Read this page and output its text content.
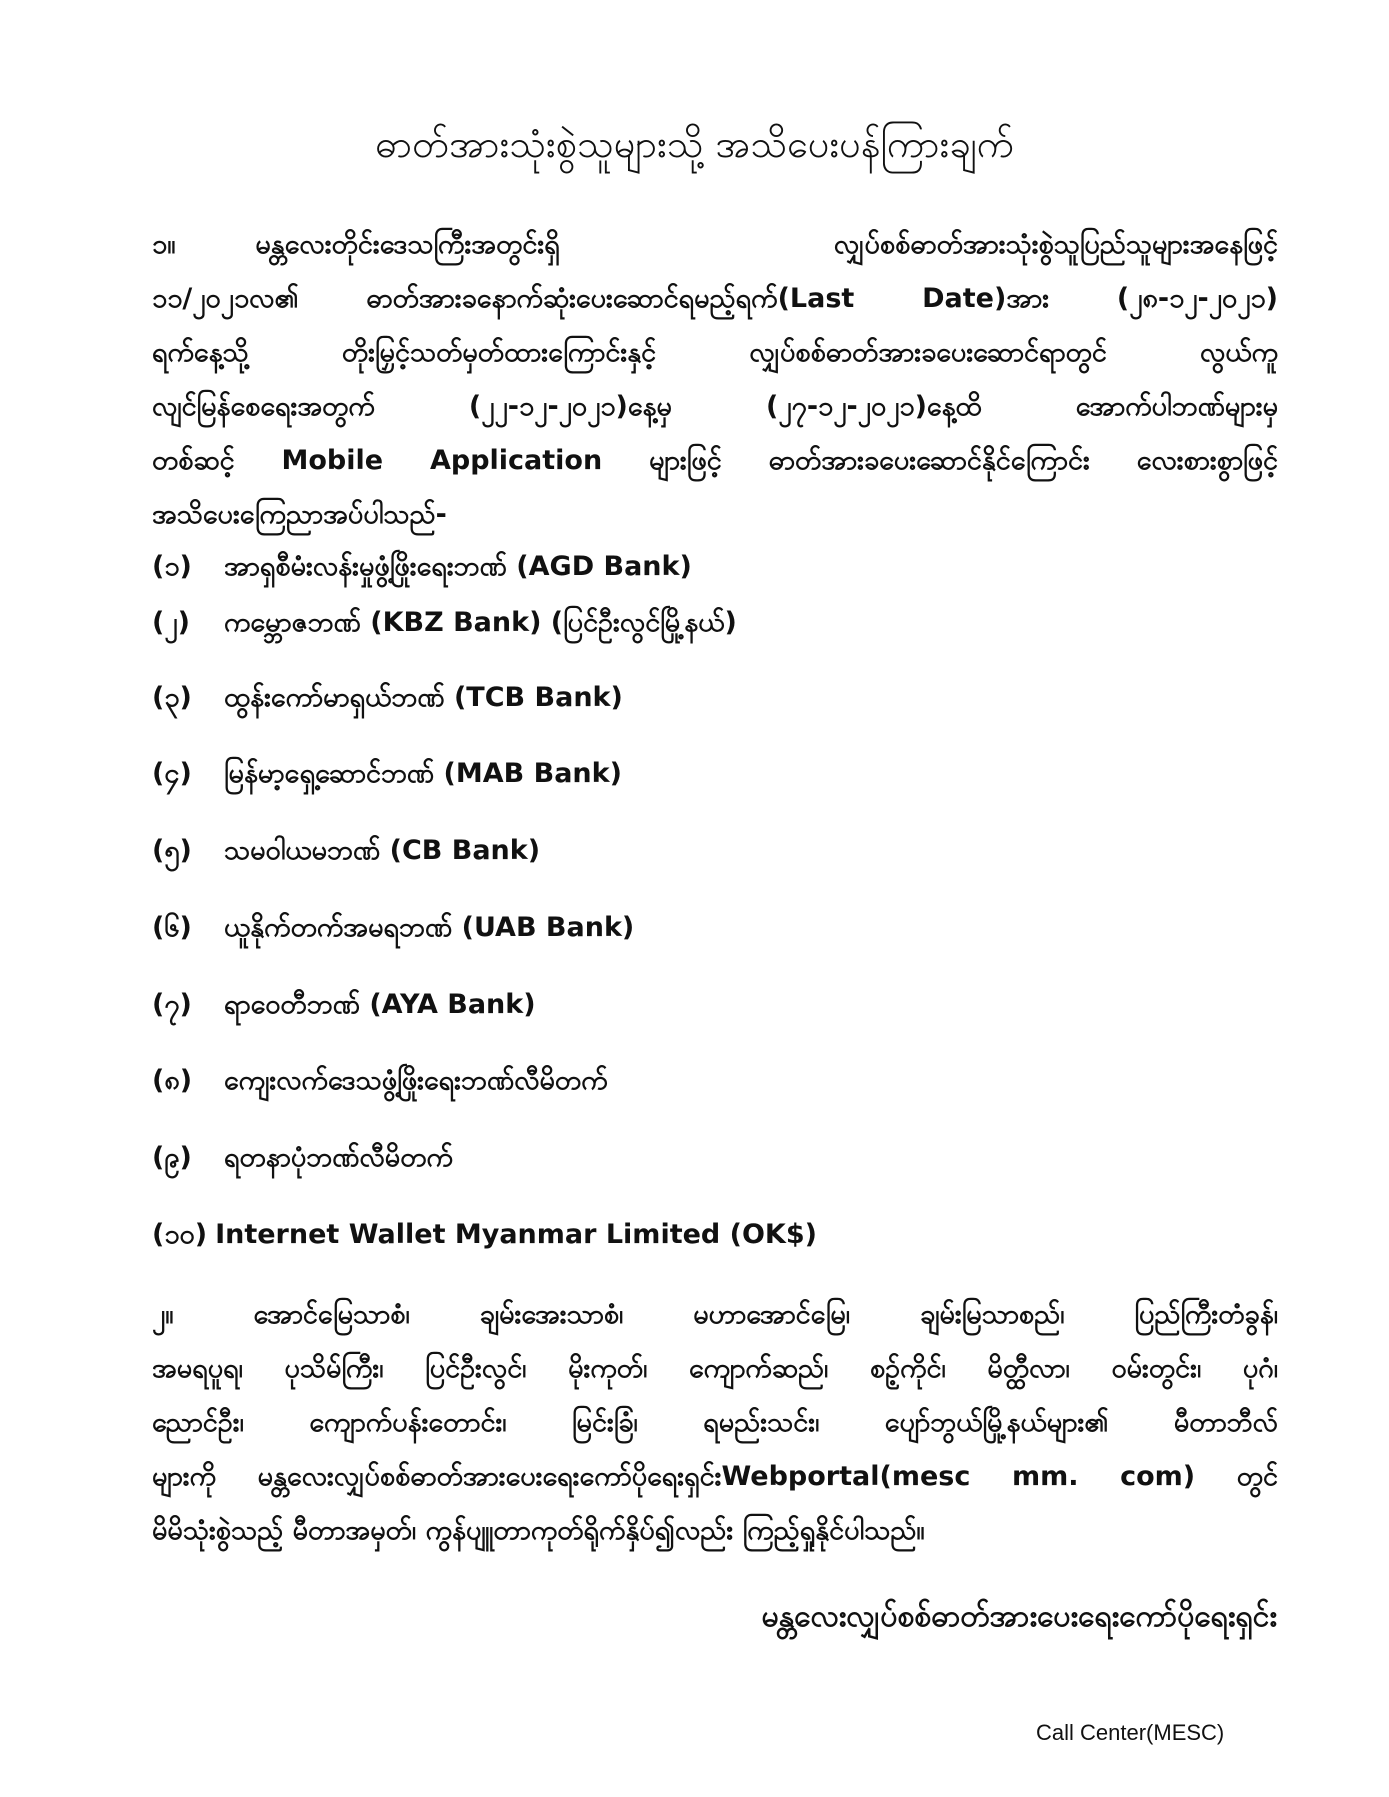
ဓာတ်အားသုံးစွဲသူများသို့ အသိပေးပန်ကြားချက်
၁။	မန္တလေးတိုင်းဒေသကြီးအတွင်းရှိ လျှပ်စစ်ဓာတ်အားသုံးစွဲသူပြည်သူများအနေဖြင့်
၁၁/၂၀၂၁လ၏ ဓာတ်အားခနောက်ဆုံးပေးဆောင်ရမည့်ရက်(Last Date)အား (၂၈-၁၂-၂၀၂၁)
ရက်နေ့သို့ တိုးမြှင့်သတ်မှတ်ထားကြောင်းနှင့် လျှပ်စစ်ဓာတ်အားခပေးဆောင်ရာတွင် လွယ်ကူ
လျင်မြန်စေရေးအတွက် (၂၂-၁၂-၂၀၂၁)နေ့မှ (၂၇-၁၂-၂၀၂၁)နေ့ထိ အောက်ပါဘဏ်များမှ
တစ်ဆင့် Mobile Application များဖြင့် ဓာတ်အားခပေးဆောင်နိုင်ကြောင်း လေးစားစွာဖြင့်
အသိပေးကြေညာအပ်ပါသည်-
(၁) အာရှစီမံးလန်းမှုဖွံ့ဖြိုးရေးဘဏ် (AGD Bank)
(၂) ကမ္ဘောဇဘဏ် (KBZ Bank) (ပြင်ဦးလွင်မြို့နယ်)
(၃) ထွန်းကော်မာရှယ်ဘဏ် (TCB Bank)
(၄) မြန်မာ့ရှေ့ဆောင်ဘဏ် (MAB Bank)
(၅) သမဝါယမဘဏ် (CB Bank)
(၆) ယူနိုက်တက်အမရဘဏ် (UAB Bank)
(၇) ရာဝေတီဘဏ် (AYA Bank)
(၈) ကျေးလက်ဒေသဖွံ့ဖြိုးရေးဘဏ်လီမိတက်
(၉) ရတနာပုံဘဏ်လီမိတက်
(၁၀) Internet Wallet Myanmar Limited (OK$)
၂။	အောင်မြေသာစံ၊ ချမ်းအေးသာစံ၊ မဟာအောင်မြေ၊ ချမ်းမြသာစည်၊ ပြည်ကြီးတံခွန်၊
အမရပူရ၊ ပုသိမ်ကြီး၊ ပြင်ဦးလွင်၊ မိုးကုတ်၊ ကျောက်ဆည်၊ စဉ့်ကိုင်၊ မိတ္ထီလာ၊ ဝမ်းတွင်း၊ ပုဂံ၊
ညောင်ဦး၊ ကျောက်ပန်းတောင်း၊ မြင်းခြံ၊ ရမည်းသင်း၊ ပျော်ဘွယ်မြို့နယ်များ၏ မီတာဘီလ်
များကို မန္တလေးလျှပ်စစ်ဓာတ်အားပေးရေးကော်ပိုရေးရှင်းWebportal(mesc mm. com) တွင်
မိမိသုံးစွဲသည့် မီတာအမှတ်၊ ကွန်ပျူတာကုတ်ရိုက်နှိပ်၍လည်း ကြည့်ရှုနိုင်ပါသည်။
မန္တလေးလျှပ်စစ်ဓာတ်အားပေးရေးကော်ပိုရေးရှင်း
Call Center(MESC)
